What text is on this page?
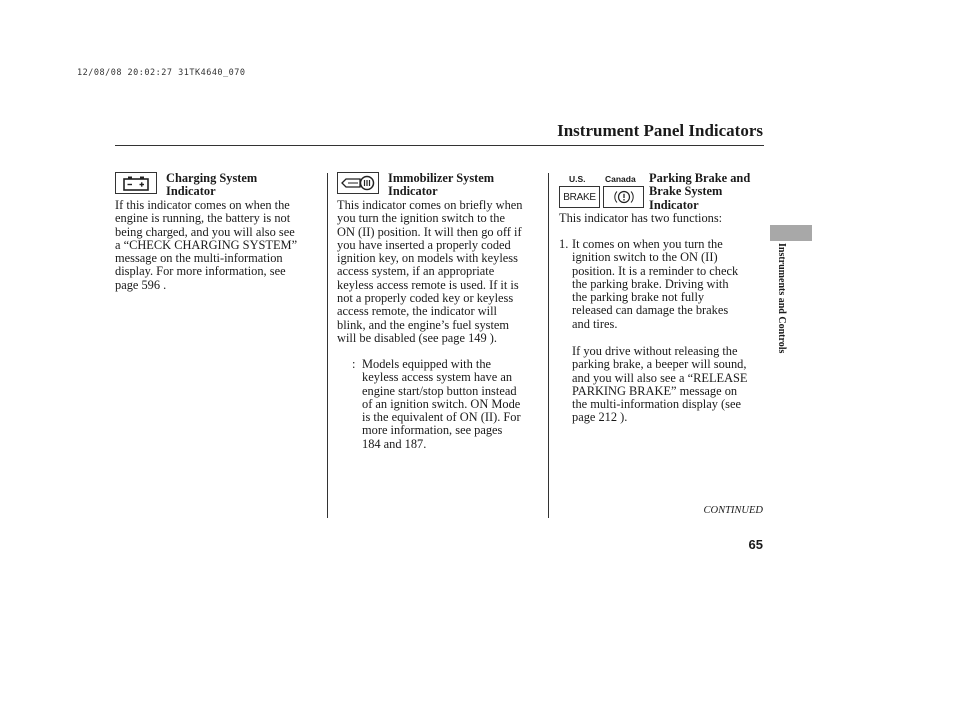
12/08/08 20:02:27 31TK4640_070
Instrument Panel Indicators
Charging System
Indicator

If this indicator comes on when the

engine is running, the battery is not

being charged, and you will also see

a “CHECK CHARGING SYSTEM”

message on the multi-information

display. For more information, see

page 596 .

Immobilizer System
Indicator

This indicator comes on briefly when

you turn the ignition switch to the

ON (II) position. It will then go off if

you have inserted a properly coded

ignition key, on models with keyless

access system, if an appropriate

keyless access remote is used. If it is

not a properly coded key or keyless

access remote, the indicator will

blink, and the engine’s fuel system

will be disabled (see page 149 ).

: Models equipped with the

keyless access system have an

engine start/stop button instead

of an ignition switch. ON Mode

is the equivalent of ON (II). For

more information, see pages

184 and 187.

U.S. Canada
BRAKE
Parking Brake and
Brake System
Indicator
This indicator has two functions:
1. It comes on when you turn the

ignition switch to the ON (II)

position. It is a reminder to check

the parking brake. Driving with

the parking brake not fully

released can damage the brakes

and tires.

If you drive without releasing the

parking brake, a beeper will sound,

and you will also see a “RELEASE

PARKING BRAKE” message on

the multi-information display (see

page 212 ).

CONTINUED
65
Instruments and Controls
